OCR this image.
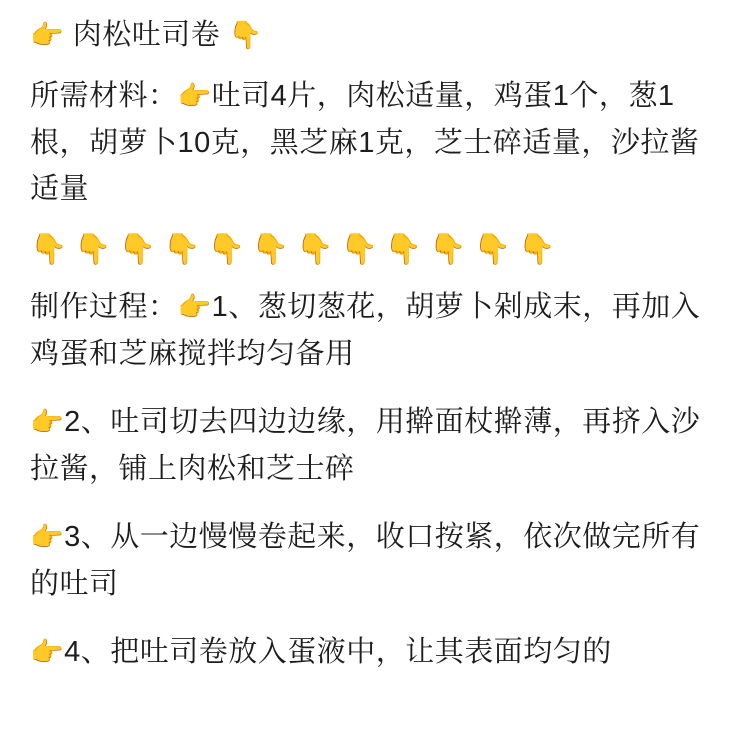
👉 肉松吐司卷 👇
所需材料：👉吐司4片，肉松适量，鸡蛋1个，葱1根，胡萝卜10克，黑芝麻1克，芝士碎适量，沙拉酱适量
👇👇👇👇👇👇👇👇👇👇👇👇
制作过程：👉1、葱切葱花，胡萝卜剁成末，再加入鸡蛋和芝麻搅拌均匀备用
👉2、吐司切去四边边缘，用擀面杖擀薄，再挤入沙拉酱，铺上肉松和芝士碎
👉3、从一边慢慢卷起来，收口按紧，依次做完所有的吐司
👉4、把吐司卷放入蛋液中，让其表面均匀的
